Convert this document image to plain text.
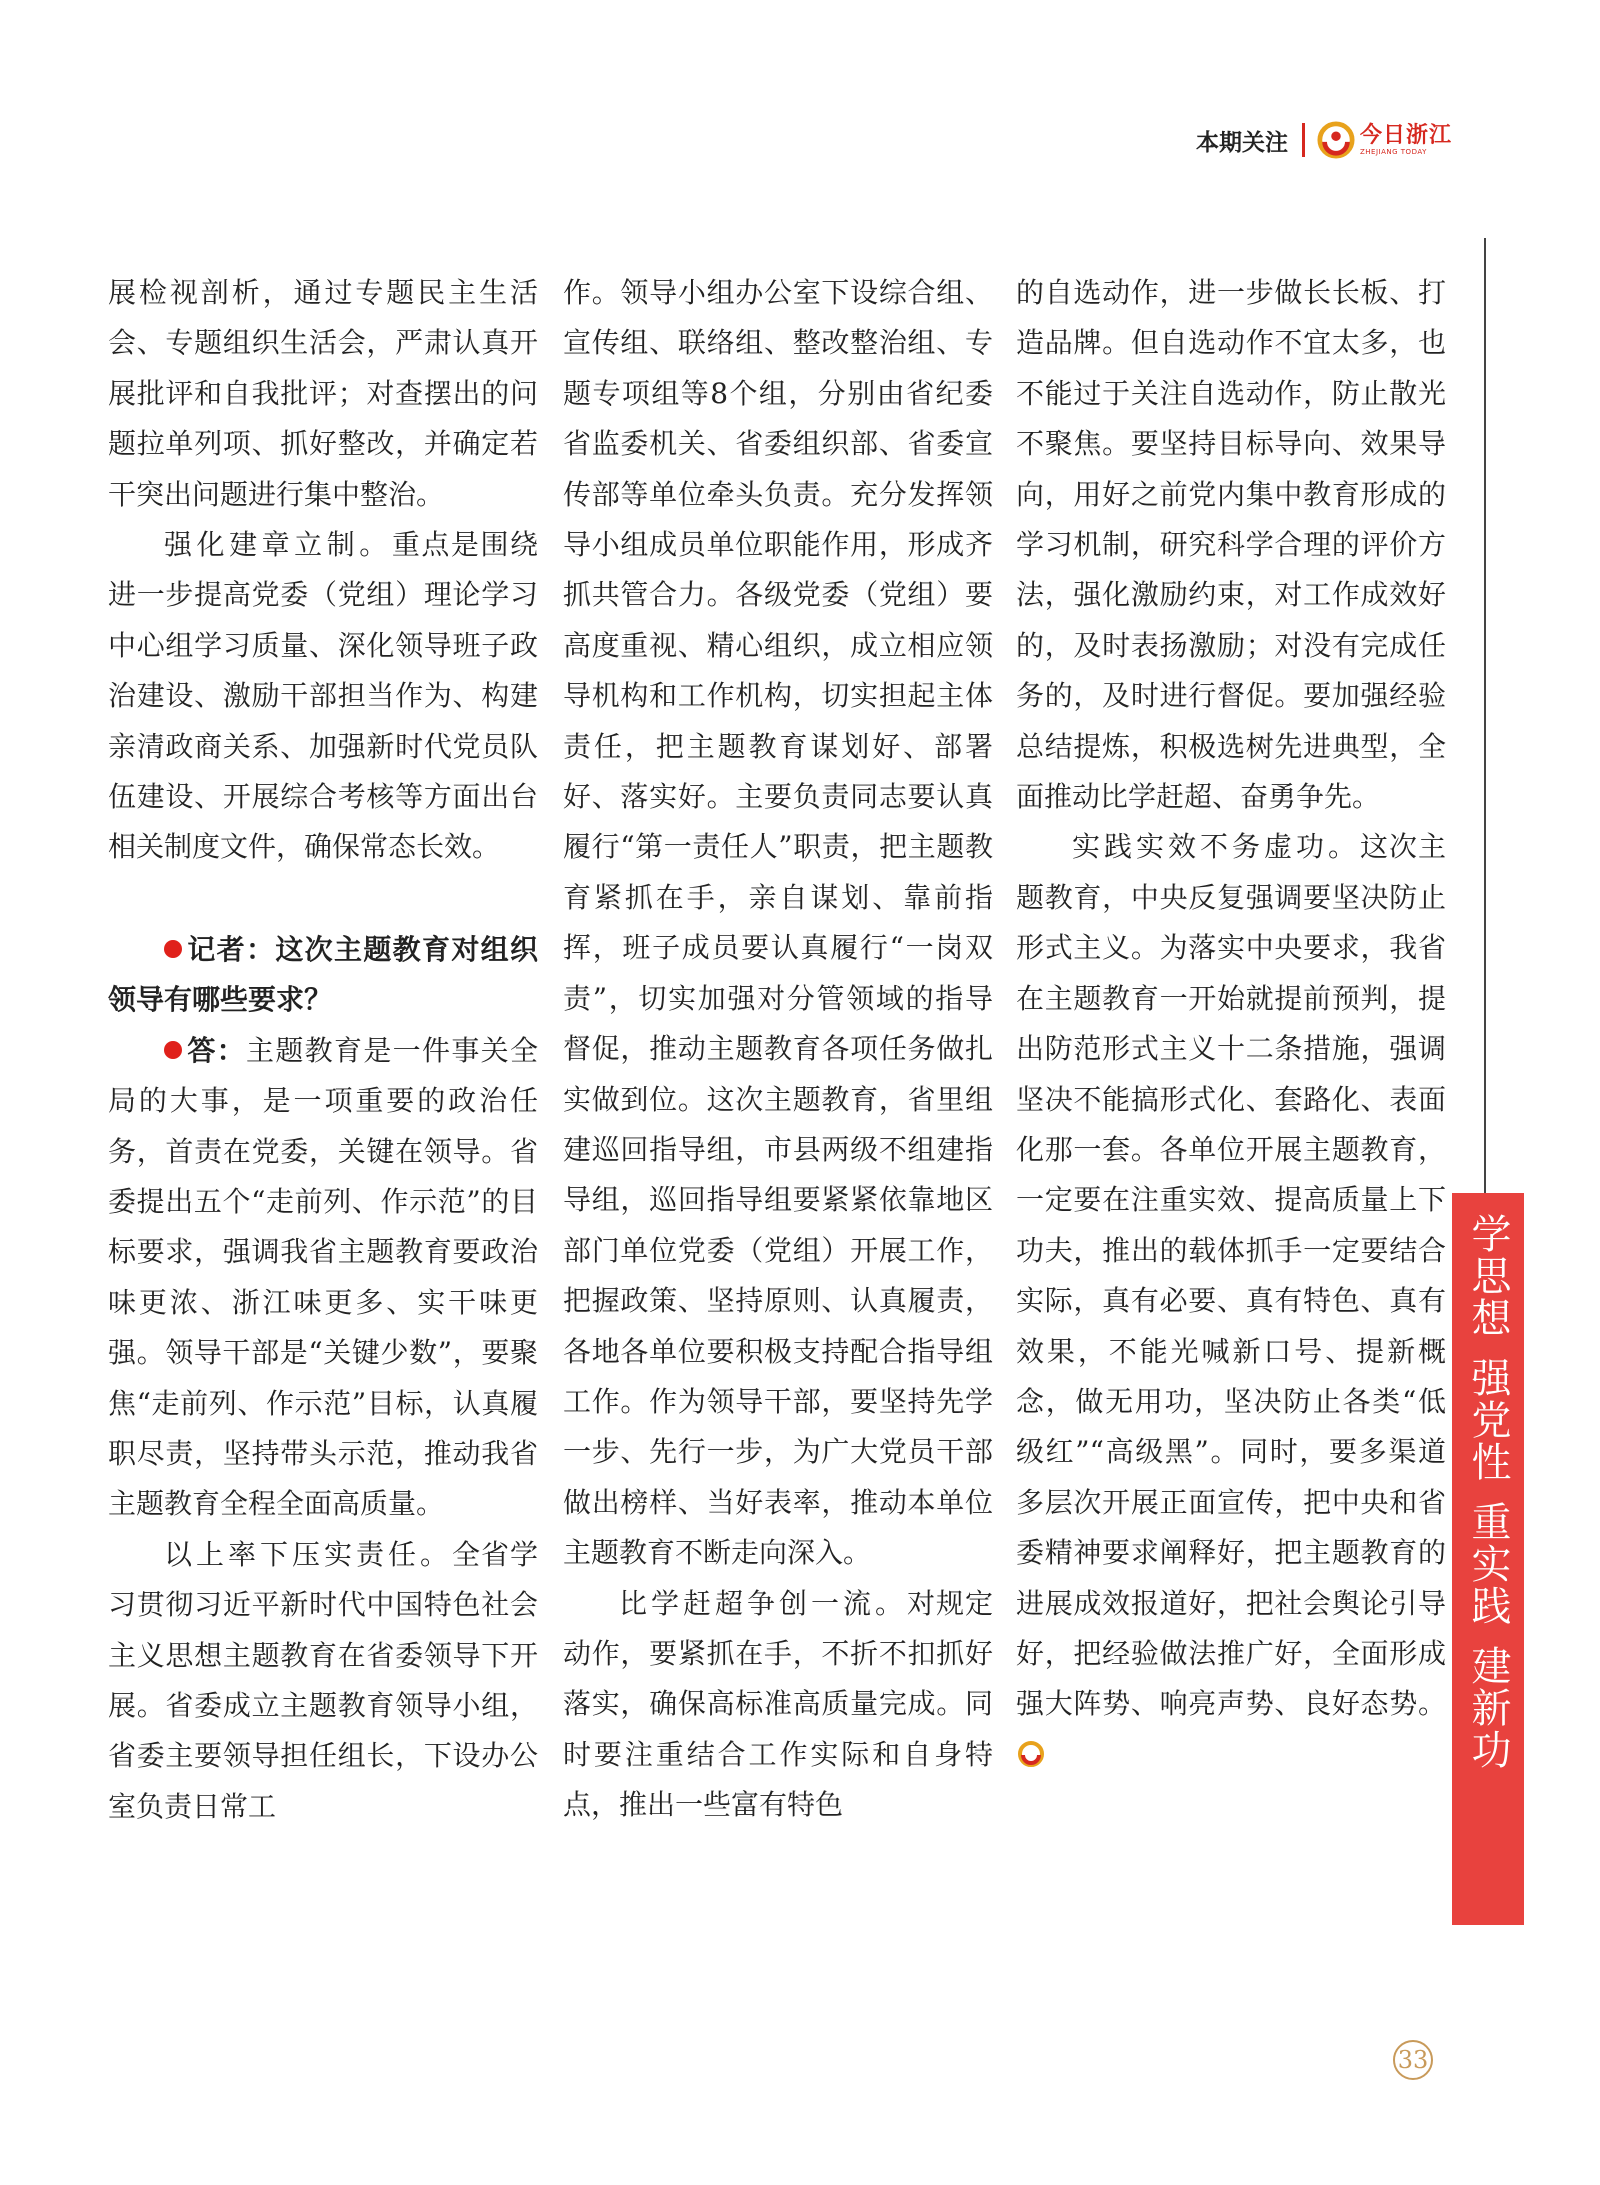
本期关注	今日浙江
ZHEJIANG TODAY

展检视剖析，通过专题民主生活会、专题组织生活会，严肃认真开展批评和自我批评；对查摆出的问题拉单列项、抓好整改，并确定若干突出问题进行集中整治。

强化建章立制。重点是围绕进一步提高党委（党组）理论学习中心组学习质量、深化领导班子政治建设、激励干部担当作为、构建亲清政商关系、加强新时代党员队伍建设、开展综合考核等方面出台相关制度文件，确保常态长效。

记者：这次主题教育对组织领导有哪些要求？

答：主题教育是一件事关全局的大事，是一项重要的政治任务，首责在党委，关键在领导。省委提出五个“走前列、作示范”的目标要求，强调我省主题教育要政治味更浓、浙江味更多、实干味更强。领导干部是“关键少数”，要聚焦“走前列、作示范”目标，认真履职尽责，坚持带头示范，推动我省主题教育全程全面高质量。

以上率下压实责任。全省学习贯彻习近平新时代中国特色社会主义思想主题教育在省委领导下开展。省委成立主题教育领导小组，省委主要领导担任组长，下设办公室负责日常工

作。领导小组办公室下设综合组、宣传组、联络组、整改整治组、专题专项组等8个组，分别由省纪委省监委机关、省委组织部、省委宣传部等单位牵头负责。充分发挥领导小组成员单位职能作用，形成齐抓共管合力。各级党委（党组）要高度重视、精心组织，成立相应领导机构和工作机构，切实担起主体责任，把主题教育谋划好、部署好、落实好。主要负责同志要认真履行“第一责任人”职责，把主题教育紧抓在手，亲自谋划、靠前指挥，班子成员要认真履行“一岗双责”，切实加强对分管领域的指导督促，推动主题教育各项任务做扎实做到位。这次主题教育，省里组建巡回指导组，市县两级不组建指导组，巡回指导组要紧紧依靠地区部门单位党委（党组）开展工作，把握政策、坚持原则、认真履责，各地各单位要积极支持配合指导组工作。作为领导干部，要坚持先学一步、先行一步，为广大党员干部做出榜样、当好表率，推动本单位主题教育不断走向深入。

比学赶超争创一流。对规定动作，要紧抓在手，不折不扣抓好落实，确保高标准高质量完成。同时要注重结合工作实际和自身特点，推出一些富有特色

的自选动作，进一步做长长板、打造品牌。但自选动作不宜太多，也不能过于关注自选动作，防止散光不聚焦。要坚持目标导向、效果导向，用好之前党内集中教育形成的学习机制，研究科学合理的评价方法，强化激励约束，对工作成效好的，及时表扬激励；对没有完成任务的，及时进行督促。要加强经验总结提炼，积极选树先进典型，全面推动比学赶超、奋勇争先。

实践实效不务虚功。这次主题教育，中央反复强调要坚决防止形式主义。为落实中央要求，我省在主题教育一开始就提前预判，提出防范形式主义十二条措施，强调坚决不能搞形式化、套路化、表面化那一套。各单位开展主题教育，一定要在注重实效、提高质量上下功夫，推出的载体抓手一定要结合实际，真有必要、真有特色、真有效果，不能光喊新口号、提新概念，做无用功，坚决防止各类“低级红”“高级黑”。同时，要多渠道多层次开展正面宣传，把中央和省委精神要求阐释好，把主题教育的进展成效报道好，把社会舆论引导好，把经验做法推广好，全面形成强大阵势、响亮声势、良好态势。

学思想
强党性
重实践
建新功
33
